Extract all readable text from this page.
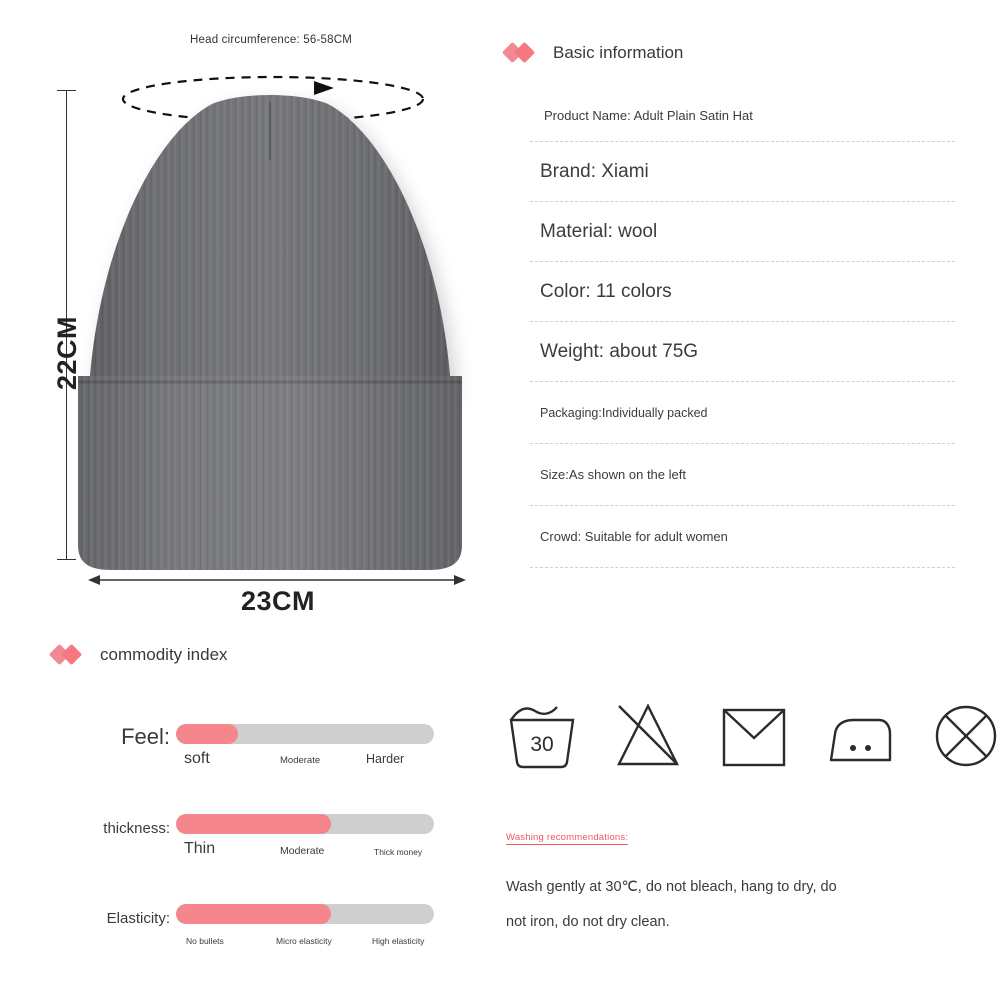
Head circumference: 56-58CM
22CM
23CM
Basic information
Product Name: Adult Plain Satin Hat
Brand: Xiami
Material: wool
Color: 11 colors
Weight: about 75G
Packaging:Individually packed
Size:As shown on the left
Crowd: Suitable for adult women
commodity index
Feel:
soft	Moderate	Harder
thickness:
Thin	Moderate	Thick money
Elasticity:
No bullets	Micro elasticity	High elasticity
30
Washing recommendations:
Wash gently at 30℃, do not bleach, hang to dry, do
not iron, do not dry clean.
